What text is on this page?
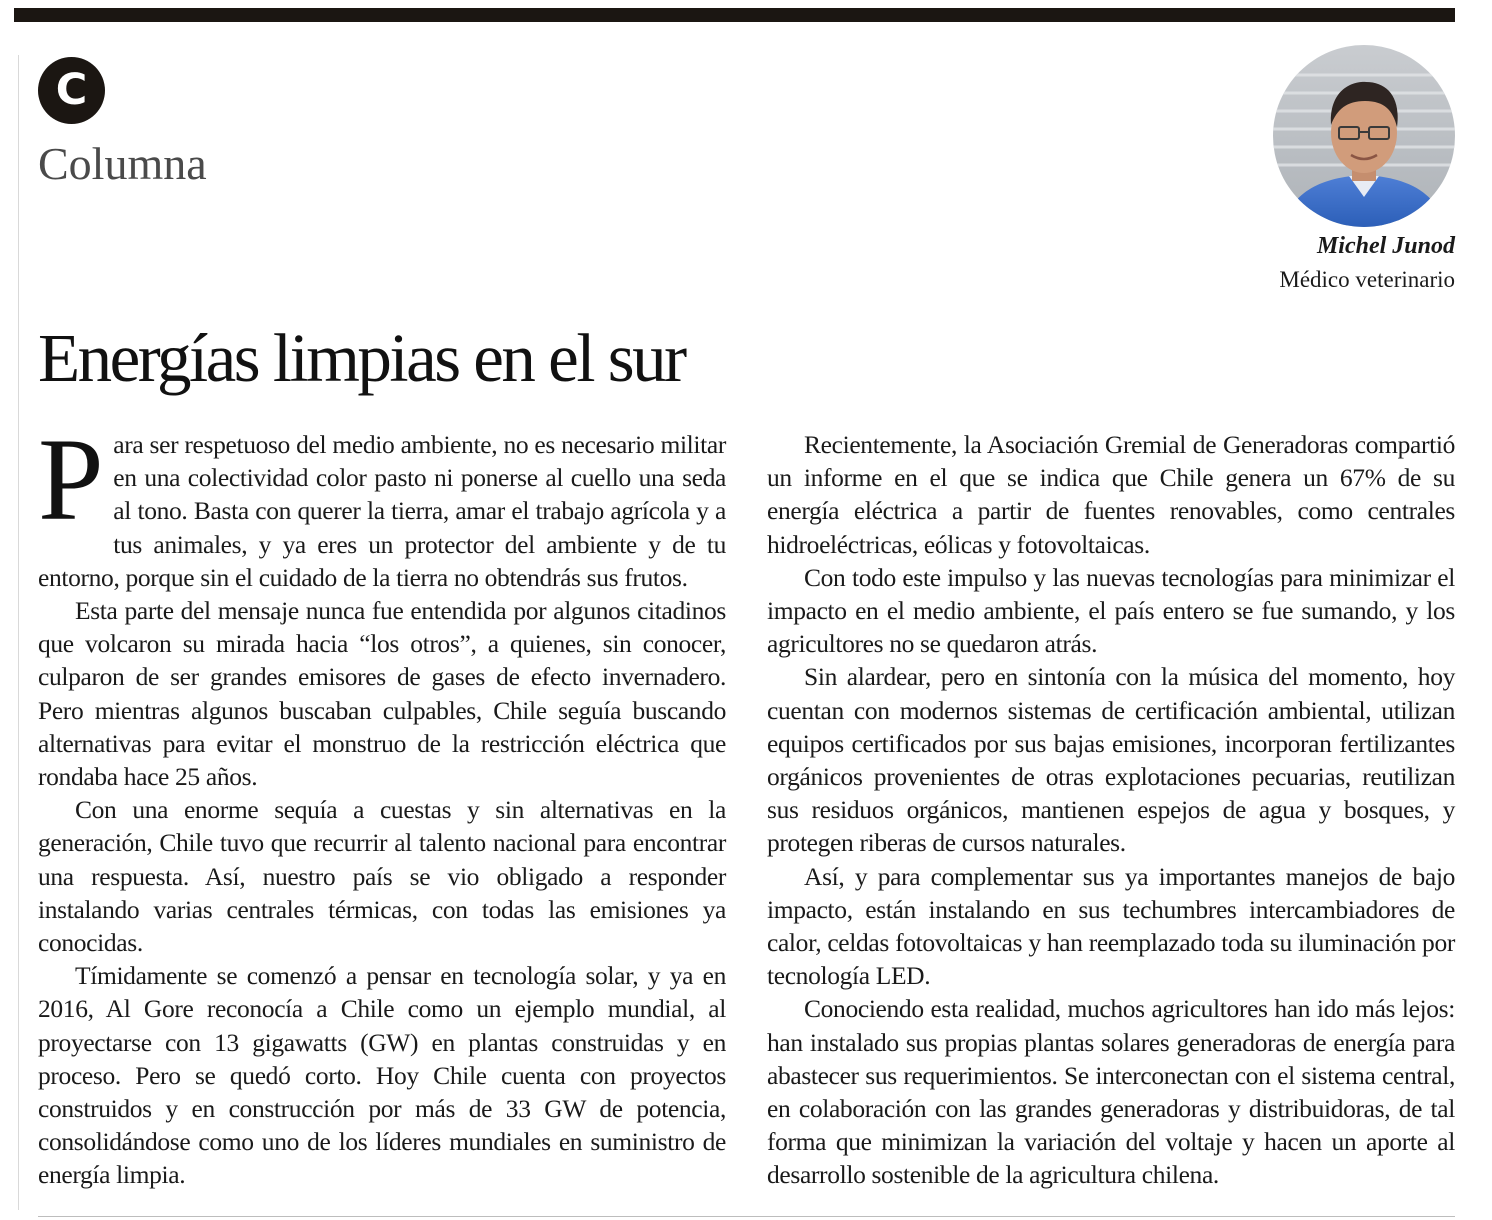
C
Columna
Michel Junod
Médico veterinario
Energías limpias en el sur

Para ser respetuoso del medio ambiente, no es necesario militar en una colectividad color pasto ni ponerse al cuello una seda al tono. Basta con querer la tierra, amar el trabajo agrícola y a tus animales, y ya eres un protector del ambiente y de tu entorno, porque sin el cuidado de la tierra no obtendrás sus frutos.

Esta parte del mensaje nunca fue entendida por algunos citadinos que volcaron su mirada hacia “los otros”, a quienes, sin conocer, culparon de ser grandes emisores de gases de efecto invernadero. Pero mientras algunos buscaban culpables, Chile seguía buscando alternativas para evitar el monstruo de la restricción eléctrica que rondaba hace 25 años.

Con una enorme sequía a cuestas y sin alternativas en la generación, Chile tuvo que recurrir al talento nacional para encontrar una respuesta. Así, nuestro país se vio obligado a responder instalando varias centrales térmicas, con todas las emisiones ya conocidas.

Tímidamente se comenzó a pensar en tecnología solar, y ya en 2016, Al Gore reconocía a Chile como un ejemplo mundial, al proyectarse con 13 gigawatts (GW) en plantas construidas y en proceso. Pero se quedó corto. Hoy Chile cuenta con proyectos construidos y en construcción por más de 33 GW de potencia, consolidándose como uno de los líderes mundiales en suministro de energía limpia.

Recientemente, la Asociación Gremial de Generadoras compartió un informe en el que se indica que Chile genera un 67% de su energía eléctrica a partir de fuentes renovables, como centrales hidroeléctricas, eólicas y fotovoltaicas.

Con todo este impulso y las nuevas tecnologías para minimizar el impacto en el medio ambiente, el país entero se fue sumando, y los agricultores no se quedaron atrás.

Sin alardear, pero en sintonía con la música del momento, hoy cuentan con modernos sistemas de certificación ambiental, utilizan equipos certificados por sus bajas emisiones, incorporan fertilizantes orgánicos provenientes de otras explotaciones pecuarias, reutilizan sus residuos orgánicos, mantienen espejos de agua y bosques, y protegen riberas de cursos naturales.

Así, y para complementar sus ya importantes manejos de bajo impacto, están instalando en sus techumbres intercambiadores de calor, celdas fotovoltaicas y han reemplazado toda su iluminación por tecnología LED.

Conociendo esta realidad, muchos agricultores han ido más lejos: han instalado sus propias plantas solares generadoras de energía para abastecer sus requerimientos. Se interconectan con el sistema central, en colaboración con las grandes generadoras y distribuidoras, de tal forma que minimizan la variación del voltaje y hacen un aporte al desarrollo sostenible de la agricultura chilena.
